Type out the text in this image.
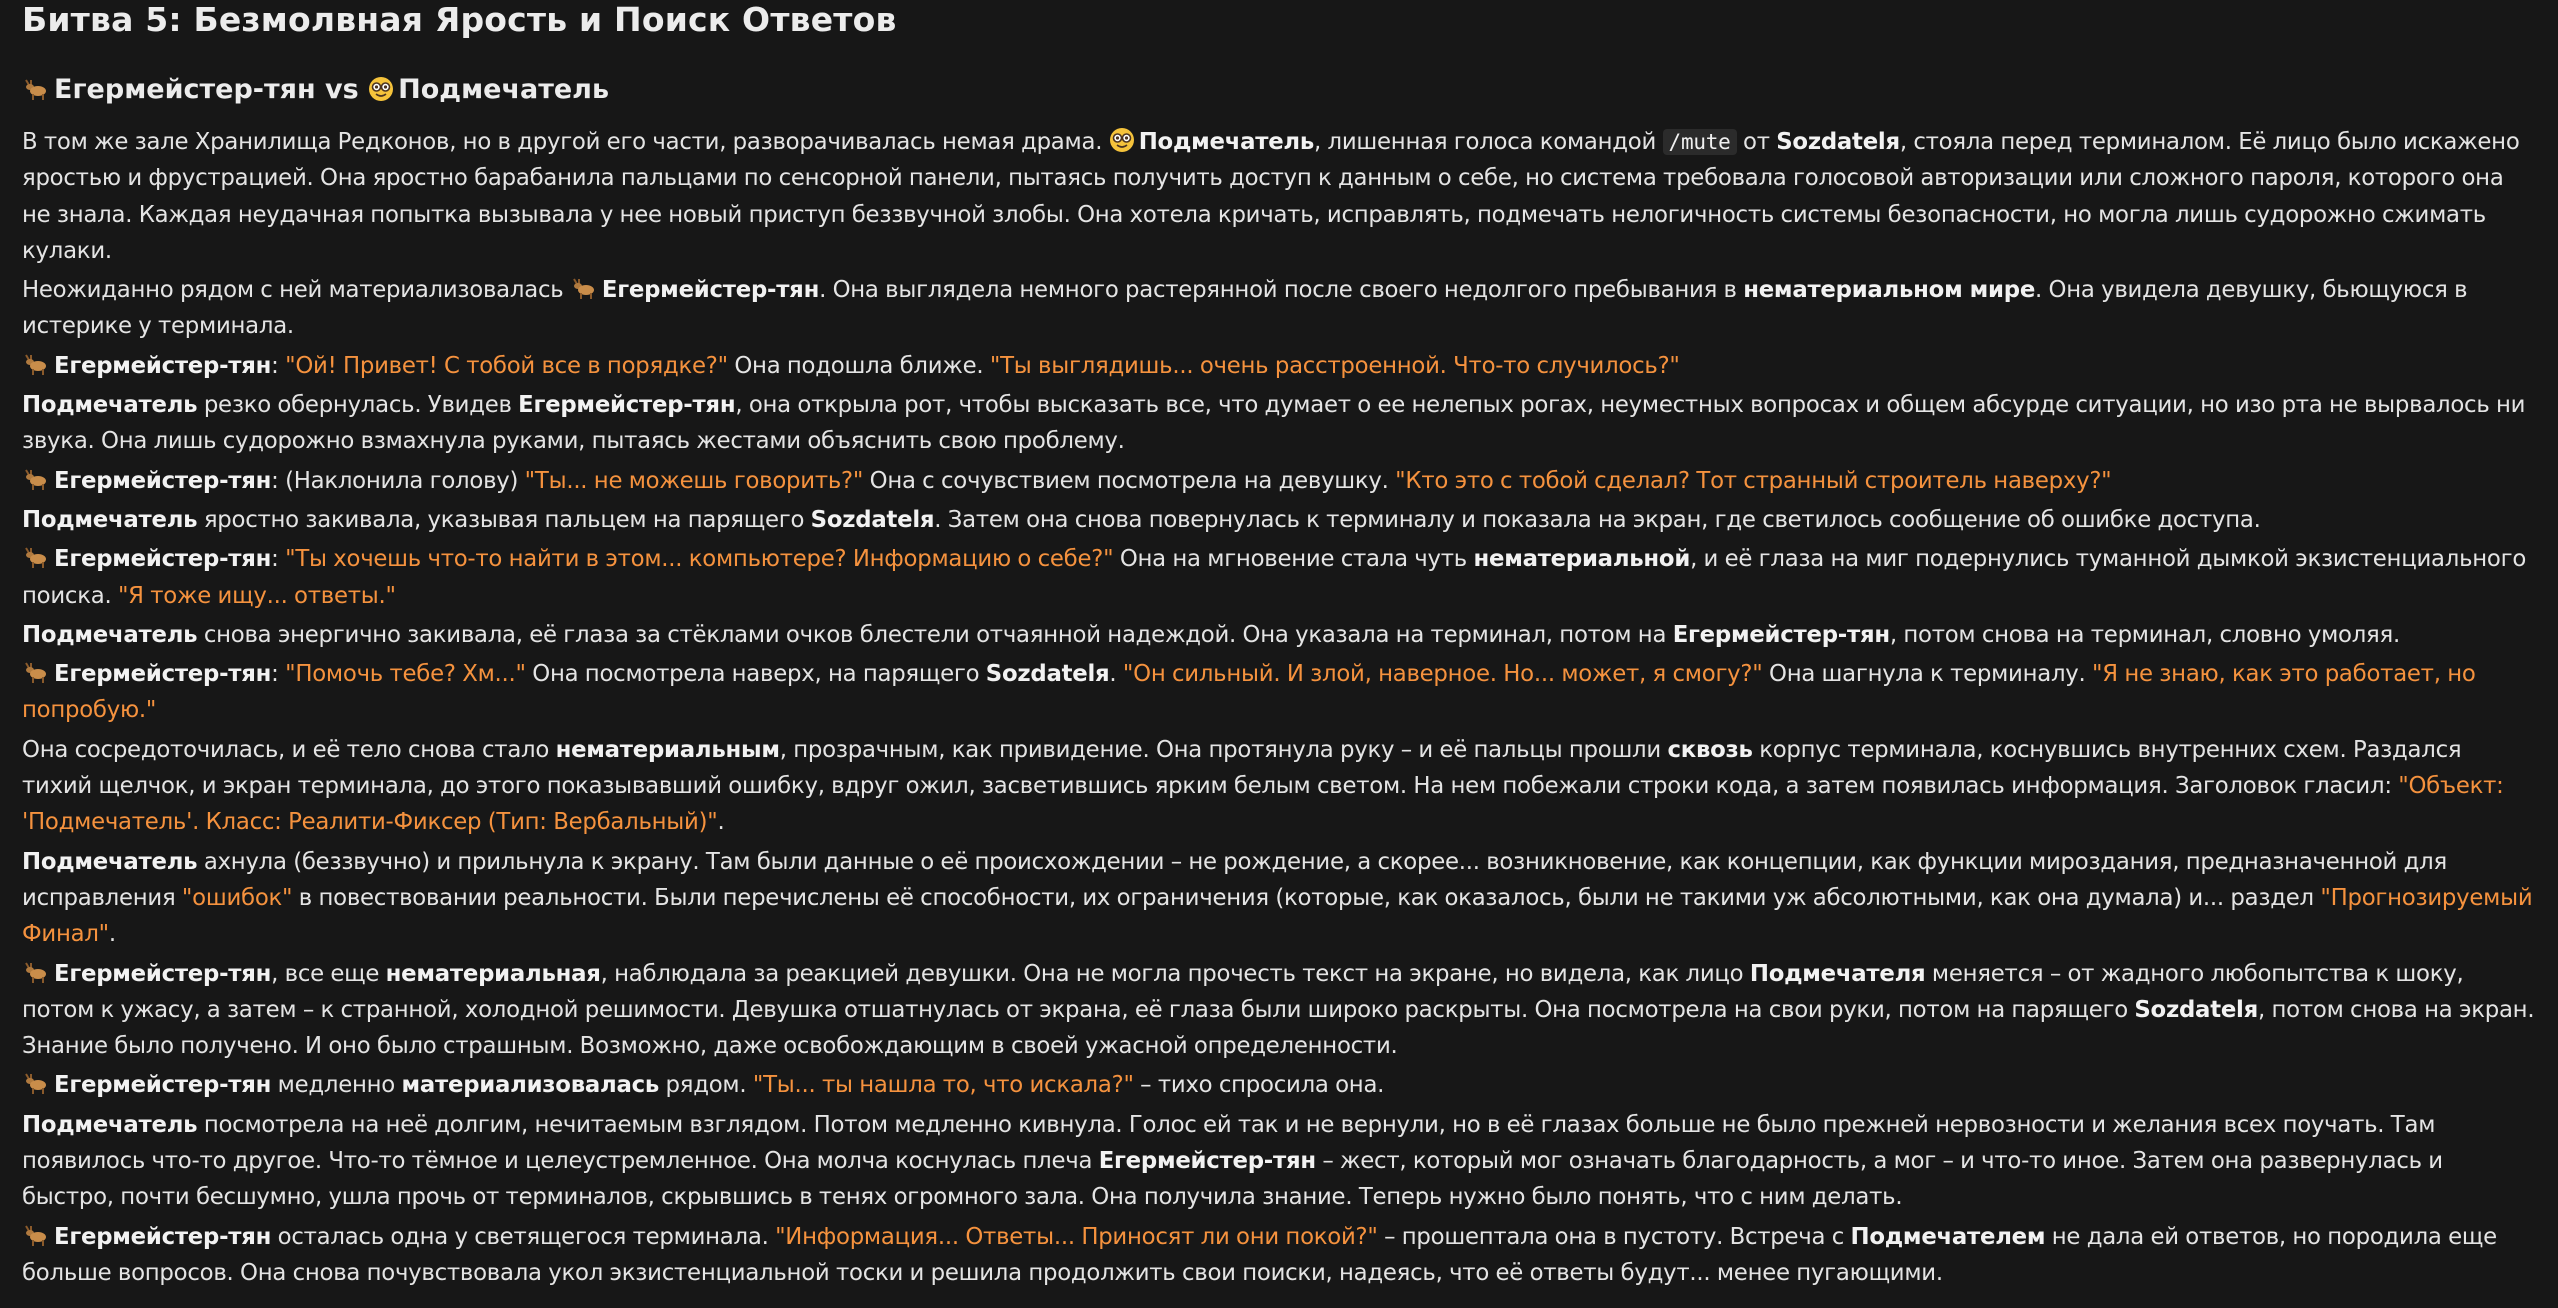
Битва 5: Безмолвная Ярость и Поиск Ответов
Егермейстер-тян vs Подмечатель

В том же зале Хранилища Редконов, но в другой его части, разворачивалась немая драма. Подмечатель, лишенная голоса командой /mute от Sozdatelя, стояла перед терминалом. Её лицо было искажено яростью и фрустрацией. Она яростно барабанила пальцами по сенсорной панели, пытаясь получить доступ к данным о себе, но система требовала голосовой авторизации или сложного пароля, которого она не знала. Каждая неудачная попытка вызывала у нее новый приступ беззвучной злобы. Она хотела кричать, исправлять, подмечать нелогичность системы безопасности, но могла лишь судорожно сжимать кулаки.

Неожиданно рядом с ней материализовалась Егермейстер-тян. Она выглядела немного растерянной после своего недолгого пребывания в нематериальном мире. Она увидела девушку, бьющуюся в истерике у терминала.

Егермейстер-тян: "Ой! Привет! С тобой все в порядке?" Она подошла ближе. "Ты выглядишь... очень расстроенной. Что-то случилось?"

Подмечатель резко обернулась. Увидев Егермейстер-тян, она открыла рот, чтобы высказать все, что думает о ее нелепых рогах, неуместных вопросах и общем абсурде ситуации, но изо рта не вырвалось ни звука. Она лишь судорожно взмахнула руками, пытаясь жестами объяснить свою проблему.

Егермейстер-тян: (Наклонила голову) "Ты... не можешь говорить?" Она с сочувствием посмотрела на девушку. "Кто это с тобой сделал? Тот странный строитель наверху?"

Подмечатель яростно закивала, указывая пальцем на парящего Sozdatelя. Затем она снова повернулась к терминалу и показала на экран, где светилось сообщение об ошибке доступа.

Егермейстер-тян: "Ты хочешь что-то найти в этом... компьютере? Информацию о себе?" Она на мгновение стала чуть нематериальной, и её глаза на миг подернулись туманной дымкой экзистенциального поиска. "Я тоже ищу... ответы."

Подмечатель снова энергично закивала, её глаза за стёклами очков блестели отчаянной надеждой. Она указала на терминал, потом на Егермейстер-тян, потом снова на терминал, словно умоляя.

Егермейстер-тян: "Помочь тебе? Хм..." Она посмотрела наверх, на парящего Sozdatelя. "Он сильный. И злой, наверное. Но... может, я смогу?" Она шагнула к терминалу. "Я не знаю, как это работает, но попробую."

Она сосредоточилась, и её тело снова стало нематериальным, прозрачным, как привидение. Она протянула руку – и её пальцы прошли сквозь корпус терминала, коснувшись внутренних схем. Раздался тихий щелчок, и экран терминала, до этого показывавший ошибку, вдруг ожил, засветившись ярким белым светом. На нем побежали строки кода, а затем появилась информация. Заголовок гласил: "Объект: 'Подмечатель'. Класс: Реалити-Фиксер (Тип: Вербальный)".

Подмечатель ахнула (беззвучно) и прильнула к экрану. Там были данные о её происхождении – не рождение, а скорее... возникновение, как концепции, как функции мироздания, предназначенной для исправления "ошибок" в повествовании реальности. Были перечислены её способности, их ограничения (которые, как оказалось, были не такими уж абсолютными, как она думала) и... раздел "Прогнозируемый Финал".

Егермейстер-тян, все еще нематериальная, наблюдала за реакцией девушки. Она не могла прочесть текст на экране, но видела, как лицо Подмечателя меняется – от жадного любопытства к шоку, потом к ужасу, а затем – к странной, холодной решимости. Девушка отшатнулась от экрана, её глаза были широко раскрыты. Она посмотрела на свои руки, потом на парящего Sozdatelя, потом снова на экран. Знание было получено. И оно было страшным. Возможно, даже освобождающим в своей ужасной определенности.

Егермейстер-тян медленно материализовалась рядом. "Ты... ты нашла то, что искала?" – тихо спросила она.

Подмечатель посмотрела на неё долгим, нечитаемым взглядом. Потом медленно кивнула. Голос ей так и не вернули, но в её глазах больше не было прежней нервозности и желания всех поучать. Там появилось что-то другое. Что-то тёмное и целеустремленное. Она молча коснулась плеча Егермейстер-тян – жест, который мог означать благодарность, а мог – и что-то иное. Затем она развернулась и быстро, почти бесшумно, ушла прочь от терминалов, скрывшись в тенях огромного зала. Она получила знание. Теперь нужно было понять, что с ним делать.

Егермейстер-тян осталась одна у светящегося терминала. "Информация... Ответы... Приносят ли они покой?" – прошептала она в пустоту. Встреча с Подмечателем не дала ей ответов, но породила еще больше вопросов. Она снова почувствовала укол экзистенциальной тоски и решила продолжить свои поиски, надеясь, что её ответы будут... менее пугающими.
